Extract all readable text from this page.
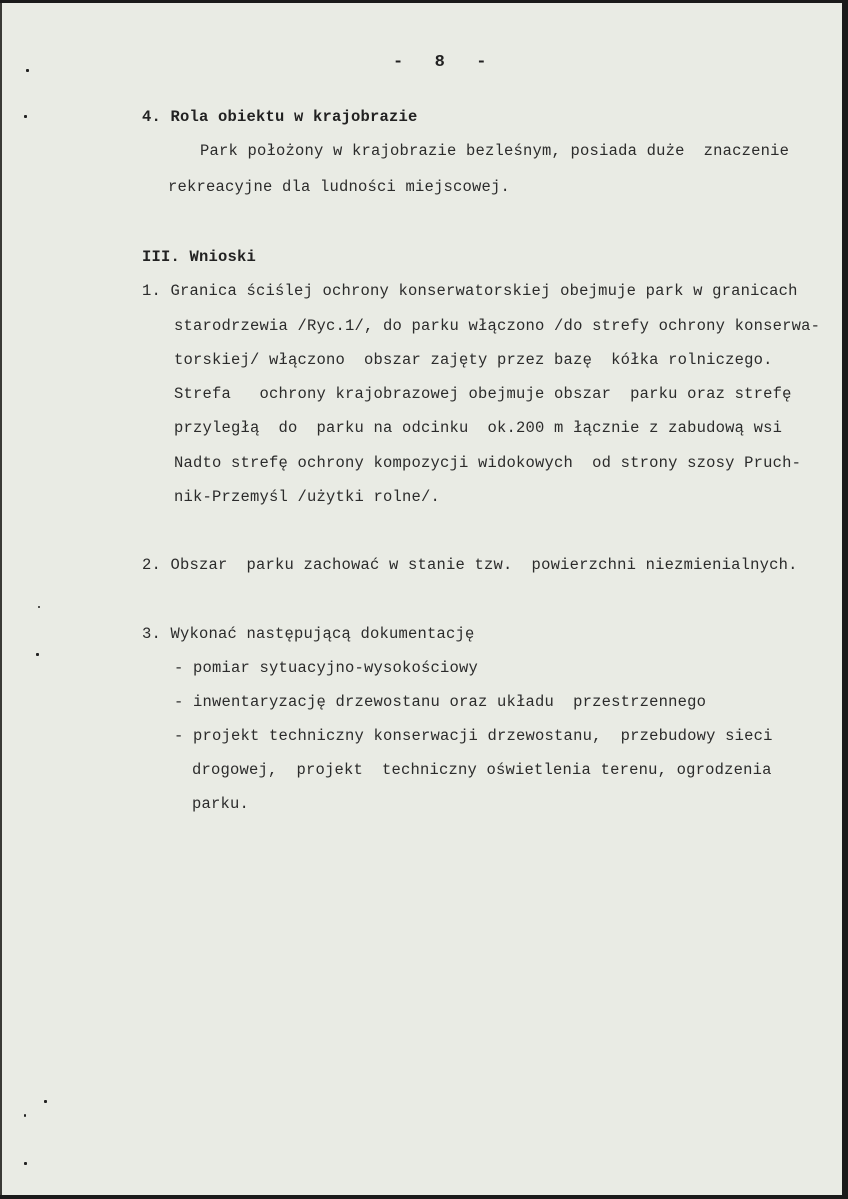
-   8   -
4. Rola obiektu w krajobrazie
Park położony w krajobrazie bezleśnym, posiada duże  znaczenie
rekreacyjne dla ludności miejscowej.
III. Wnioski
1. Granica ściślej ochrony konserwatorskiej obejmuje park w granicach
starodrzewia /Ryc.1/, do parku włączono /do strefy ochrony konserwa-
torskiej/ włączono  obszar zajęty przez bazę  kółka rolniczego.
Strefa   ochrony krajobrazowej obejmuje obszar  parku oraz strefę
przyległą  do  parku na odcinku  ok.200 m łącznie z zabudową wsi
Nadto strefę ochrony kompozycji widokowych  od strony szosy Pruch-
nik-Przemyśl /użytki rolne/.
2. Obszar  parku zachować w stanie tzw.  powierzchni niezmienialnych.
3. Wykonać następującą dokumentację
- pomiar sytuacyjno-wysokościowy
- inwentaryzację drzewostanu oraz układu  przestrzennego
- projekt techniczny konserwacji drzewostanu,  przebudowy sieci
drogowej,  projekt  techniczny oświetlenia terenu, ogrodzenia
parku.
